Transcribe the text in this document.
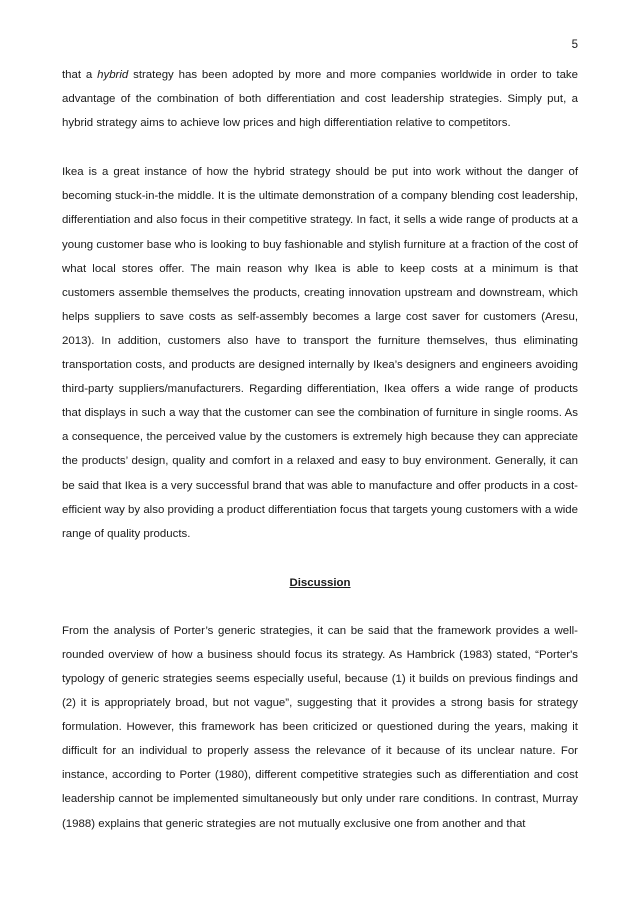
5

that a hybrid strategy has been adopted by more and more companies worldwide in order to take advantage of the combination of both differentiation and cost leadership strategies. Simply put, a hybrid strategy aims to achieve low prices and high differentiation relative to competitors.

Ikea is a great instance of how the hybrid strategy should be put into work without the danger of becoming stuck-in-the middle. It is the ultimate demonstration of a company blending cost leadership, differentiation and also focus in their competitive strategy. In fact, it sells a wide range of products at a young customer base who is looking to buy fashionable and stylish furniture at a fraction of the cost of what local stores offer. The main reason why Ikea is able to keep costs at a minimum is that customers assemble themselves the products, creating innovation upstream and downstream, which helps suppliers to save costs as self-assembly becomes a large cost saver for customers (Aresu, 2013). In addition, customers also have to transport the furniture themselves, thus eliminating transportation costs, and products are designed internally by Ikea’s designers and engineers avoiding third-party suppliers/manufacturers. Regarding differentiation, Ikea offers a wide range of products that displays in such a way that the customer can see the combination of furniture in single rooms. As a consequence, the perceived value by the customers is extremely high because they can appreciate the products’ design, quality and comfort in a relaxed and easy to buy environment. Generally, it can be said that Ikea is a very successful brand that was able to manufacture and offer products in a cost-efficient way by also providing a product differentiation focus that targets young customers with a wide range of quality products.

Discussion

From the analysis of Porter’s generic strategies, it can be said that the framework provides a well-rounded overview of how a business should focus its strategy. As Hambrick (1983) stated, “Porter's typology of generic strategies seems especially useful, because (1) it builds on previous findings and (2) it is appropriately broad, but not vague”, suggesting that it provides a strong basis for strategy formulation. However, this framework has been criticized or questioned during the years, making it difficult for an individual to properly assess the relevance of it because of its unclear nature. For instance, according to Porter (1980), different competitive strategies such as differentiation and cost leadership cannot be implemented simultaneously but only under rare conditions. In contrast, Murray (1988) explains that generic strategies are not mutually exclusive one from another and that
